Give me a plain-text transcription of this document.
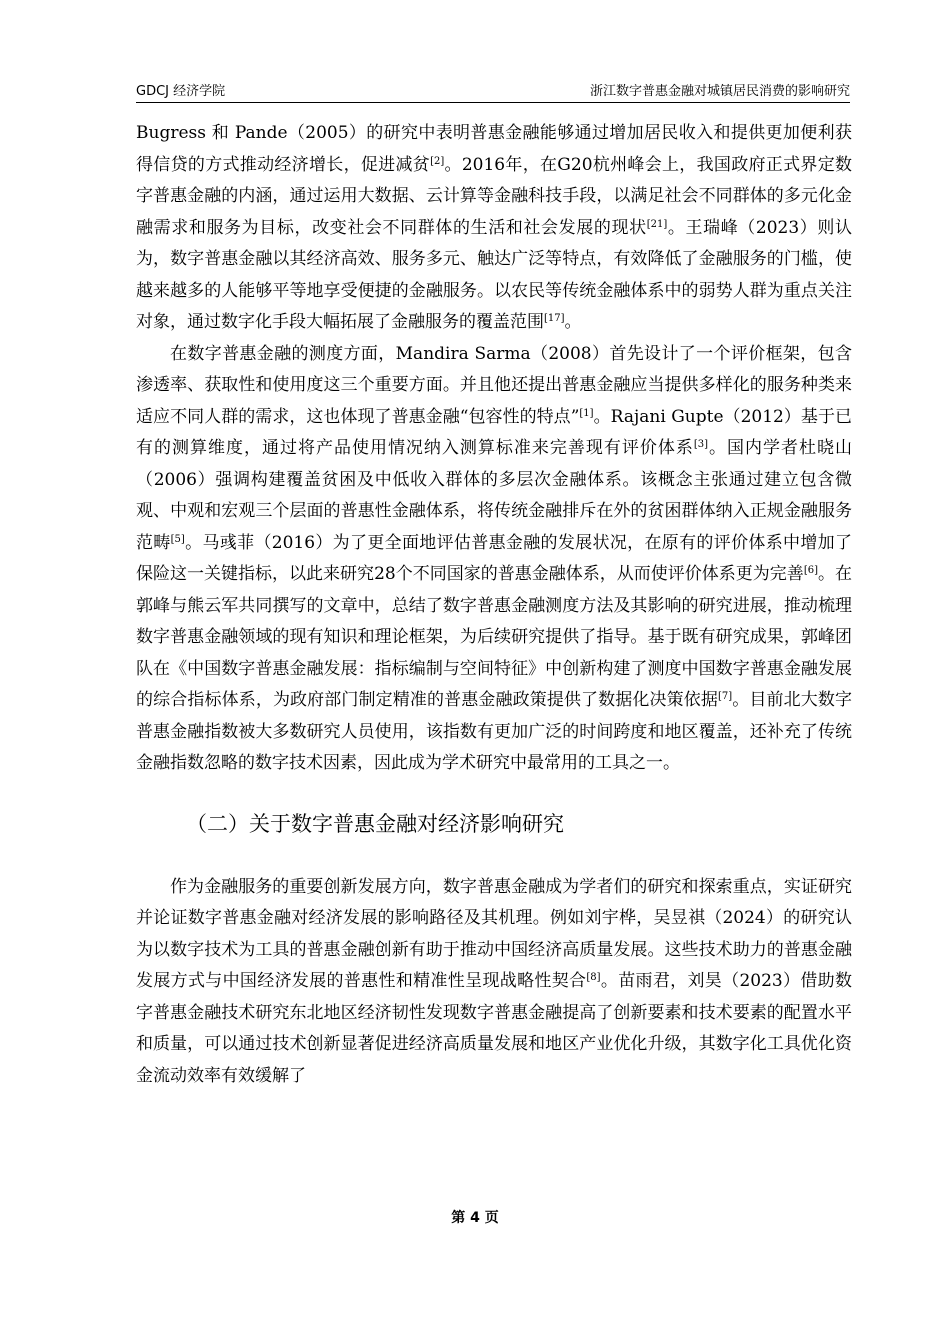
GDCJ 经济学院	浙江数字普惠金融对城镇居民消费的影响研究

Bugress 和 Pande（2005）的研究中表明普惠金融能够通过增加居民收入和提供更加便利获得信贷的方式推动经济增长，促进减贫[2]。2016年，在G20杭州峰会上，我国政府正式界定数字普惠金融的内涵，通过运用大数据、云计算等金融科技手段，以满足社会不同群体的多元化金融需求和服务为目标，改变社会不同群体的生活和社会发展的现状[21]。王瑞峰（2023）则认为，数字普惠金融以其经济高效、服务多元、触达广泛等特点，有效降低了金融服务的门槛，使越来越多的人能够平等地享受便捷的金融服务。以农民等传统金融体系中的弱势人群为重点关注对象，通过数字化手段大幅拓展了金融服务的覆盖范围[17]。

在数字普惠金融的测度方面，Mandira Sarma（2008）首先设计了一个评价框架，包含渗透率、获取性和使用度这三个重要方面。并且他还提出普惠金融应当提供多样化的服务种类来适应不同人群的需求，这也体现了普惠金融“包容性的特点”[1]。Rajani Gupte（2012）基于已有的测算维度，通过将产品使用情况纳入测算标准来完善现有评价体系[3]。国内学者杜晓山（2006）强调构建覆盖贫困及中低收入群体的多层次金融体系。该概念主张通过建立包含微观、中观和宏观三个层面的普惠性金融体系，将传统金融排斥在外的贫困群体纳入正规金融服务范畴[5]。马彧菲（2016）为了更全面地评估普惠金融的发展状况，在原有的评价体系中增加了保险这一关键指标，以此来研究28个不同国家的普惠金融体系，从而使评价体系更为完善[6]。在郭峰与熊云军共同撰写的文章中，总结了数字普惠金融测度方法及其影响的研究进展，推动梳理数字普惠金融领域的现有知识和理论框架，为后续研究提供了指导。基于既有研究成果，郭峰团队在《中国数字普惠金融发展：指标编制与空间特征》中创新构建了测度中国数字普惠金融发展的综合指标体系，为政府部门制定精准的普惠金融政策提供了数据化决策依据[7]。目前北大数字普惠金融指数被大多数研究人员使用，该指数有更加广泛的时间跨度和地区覆盖，还补充了传统金融指数忽略的数字技术因素，因此成为学术研究中最常用的工具之一。

（二）关于数字普惠金融对经济影响研究

作为金融服务的重要创新发展方向，数字普惠金融成为学者们的研究和探索重点，实证研究并论证数字普惠金融对经济发展的影响路径及其机理。例如刘宇桦，吴昱祺（2024）的研究认为以数字技术为工具的普惠金融创新有助于推动中国经济高质量发展。这些技术助力的普惠金融发展方式与中国经济发展的普惠性和精准性呈现战略性契合[8]。苗雨君，刘昊（2023）借助数字普惠金融技术研究东北地区经济韧性发现数字普惠金融提高了创新要素和技术要素的配置水平和质量，可以通过技术创新显著促进经济高质量发展和地区产业优化升级，其数字化工具优化资金流动效率有效缓解了

第 4 页
